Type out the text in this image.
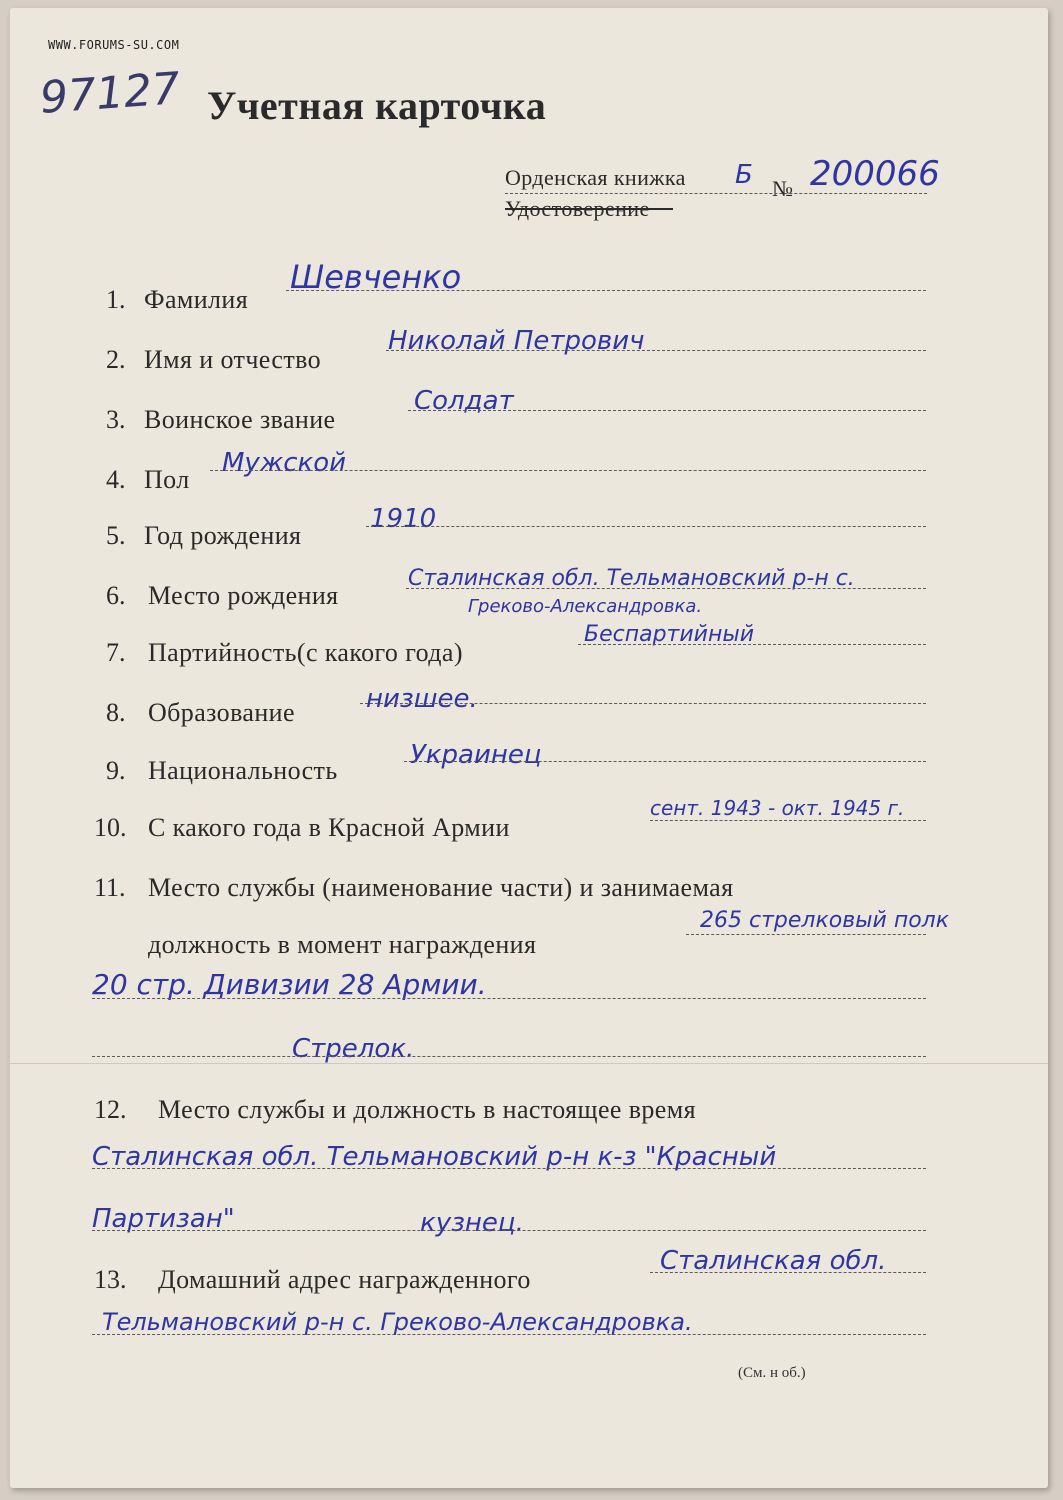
WWW.FORUMS-SU.COM
97127 Учетная карточка
Орденская книжка
Удостоверение
Б № 200066
1. Фамилия
Шевченко
2. Имя и отчество
Николай Петрович
3. Воинское звание
Солдат
4. Пол
Мужской
5. Год рождения
1910
6. Место рождения
Сталинская обл. Тельмановский р-н с.
Греково-Александровка.
7. Партийность(с какого года)
Беспартийный
8. Образование	низшее.
9. Национальность
Украинец
10. С какого года в Красной Армии
сент. 1943 - окт. 1945 г.
11. Место службы (наименование части) и занимаемая
должность в момент награждения
265 стрелковый полк
20 стр. Дивизии 28 Армии.
Стрелок.
12. Место службы и должность в настоящее время
Сталинская обл. Тельмановский р-н к-з "Красный
Партизан"	кузнец.
13. Домашний адрес награжденного
Сталинская обл.
Тельмановский р-н с. Греково-Александровка.
(См. н об.)
